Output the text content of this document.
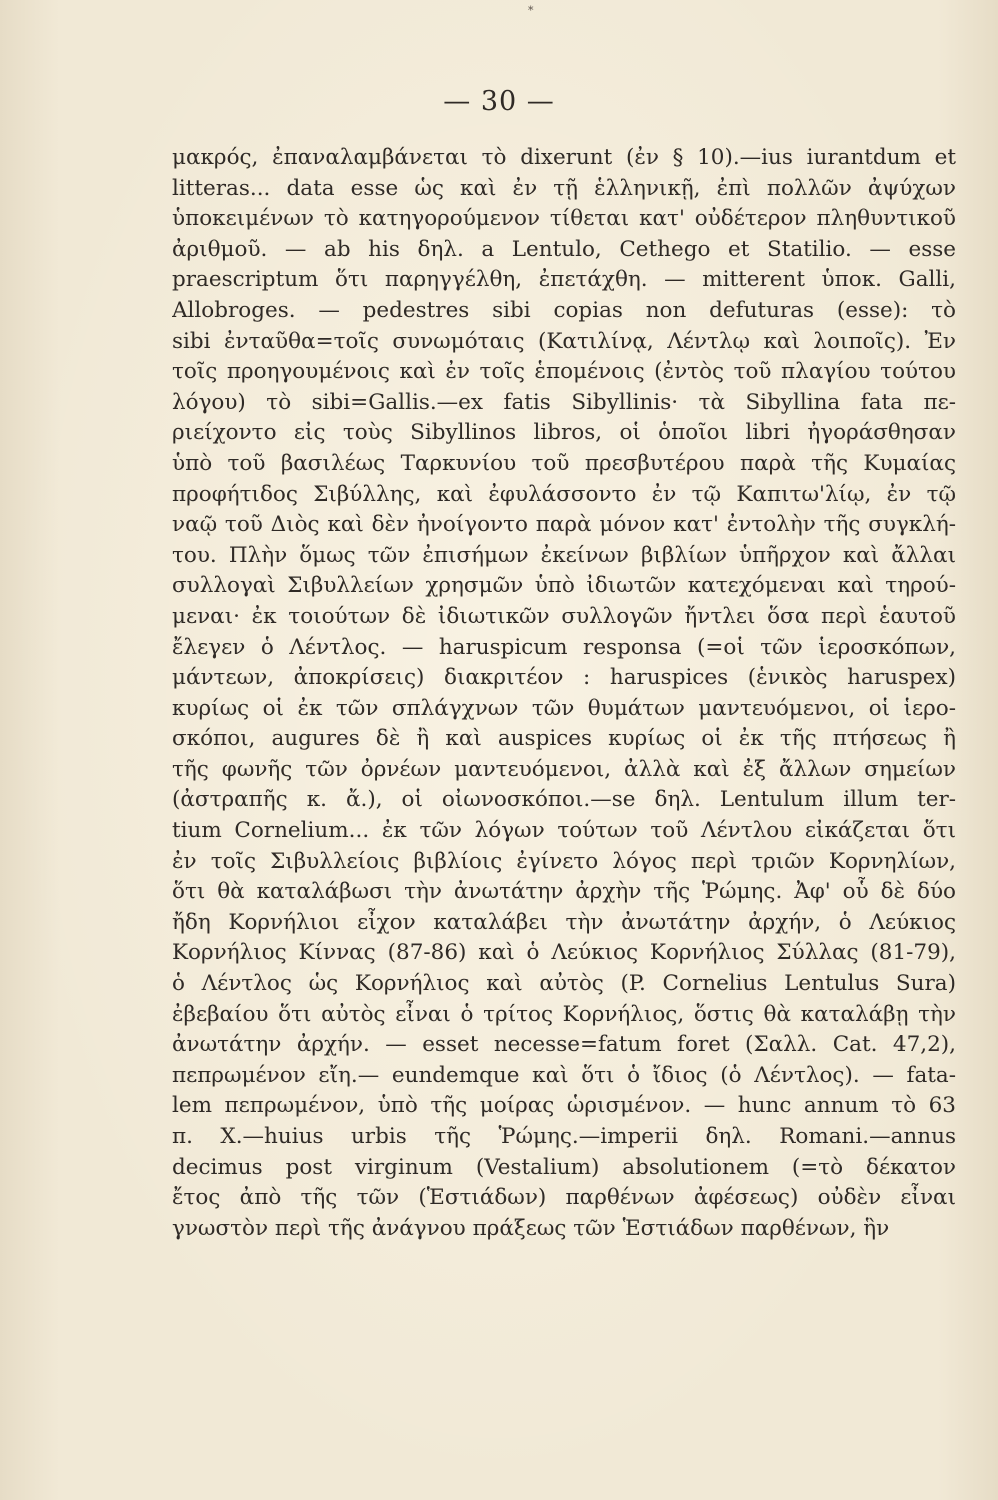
*
— 30 —
μακρός, ἐπαναλαμβάνεται τὸ dixerunt (ἐν § 10).—ius iurantdum et
litteras... data esse ὡς καὶ ἐν τῇ ἑλληνικῇ, ἐπὶ πολλῶν ἀψύχων
ὑποκειμένων τὸ κατηγορούμενον τίθεται κατ' οὐδέτερον πληθυντικοῦ
ἀριθμοῦ. — ab his δηλ. a Lentulo, Cethego et Statilio. — esse
praescriptum ὅτι παρηγγέλθη, ἐπετάχθη. — mitterent ὑποκ. Galli,
Allobroges. — pedestres sibi copias non defuturas (esse): τὸ
sibi ἐνταῦθα=τοῖς συνωμόταις (Κατιλίνᾳ, Λέντλῳ καὶ λοιποῖς). Ἐν
τοῖς προηγουμένοις καὶ ἐν τοῖς ἑπομένοις (ἐντὸς τοῦ πλαγίου τούτου
λόγου) τὸ sibi=Gallis.—ex fatis Sibyllinis· τὰ Sibyllina fata πε-
ριείχοντο εἰς τοὺς Sibyllinos libros, οἱ ὁποῖοι libri ἠγοράσθησαν
ὑπὸ τοῦ βασιλέως Ταρκυνίου τοῦ πρεσβυτέρου παρὰ τῆς Κυμαίας
προφήτιδος Σιβύλλης, καὶ ἐφυλάσσοντο ἐν τῷ Καπιτω'λίῳ, ἐν τῷ
ναῷ τοῦ Διὸς καὶ δὲν ἠνοίγοντο παρὰ μόνον κατ' ἐντολὴν τῆς συγκλή-
του. Πλὴν ὅμως τῶν ἐπισήμων ἐκείνων βιβλίων ὑπῆρχον καὶ ἄλλαι
συλλογαὶ Σιβυλλείων χρησμῶν ὑπὸ ἰδιωτῶν κατεχόμεναι καὶ τηρού-
μεναι· ἐκ τοιούτων δὲ ἰδιωτικῶν συλλογῶν ἤντλει ὅσα περὶ ἑαυτοῦ
ἔλεγεν ὁ Λέντλος. — haruspicum responsa (=οἱ τῶν ἱεροσκόπων,
μάντεων, ἀποκρίσεις) διακριτέον : haruspices (ἑνικὸς haruspex)
κυρίως οἱ ἐκ τῶν σπλάγχνων τῶν θυμάτων μαντευόμενοι, οἱ ἱερο-
σκόποι, augures δὲ ἢ καὶ auspices κυρίως οἱ ἐκ τῆς πτήσεως ἢ
τῆς φωνῆς τῶν ὀρνέων μαντευόμενοι, ἀλλὰ καὶ ἐξ ἄλλων σημείων
(ἀστραπῆς κ. ἄ.), οἱ οἰωνοσκόποι.—se δηλ. Lentulum illum ter-
tium Cornelium... ἐκ τῶν λόγων τούτων τοῦ Λέντλου εἰκάζεται ὅτι
ἐν τοῖς Σιβυλλείοις βιβλίοις ἐγίνετο λόγος περὶ τριῶν Κορνηλίων,
ὅτι θὰ καταλάβωσι τὴν ἀνωτάτην ἀρχὴν τῆς Ῥώμης. Ἀφ' οὗ δὲ δύο
ἤδη Κορνήλιοι εἶχον καταλάβει τὴν ἀνωτάτην ἀρχήν, ὁ Λεύκιος
Κορνήλιος Κίννας (87-86) καὶ ὁ Λεύκιος Κορνήλιος Σύλλας (81-79),
ὁ Λέντλος ὡς Κορνήλιος καὶ αὐτὸς (P. Cornelius Lentulus Sura)
ἐβεβαίου ὅτι αὐτὸς εἶναι ὁ τρίτος Κορνήλιος, ὅστις θὰ καταλάβῃ τὴν
ἀνωτάτην ἀρχήν. — esset necesse=fatum foret (Σαλλ. Cat. 47,2),
πεπρωμένον εἴη.— eundemque καὶ ὅτι ὁ ἴδιος (ὁ Λέντλος). — fata-
lem πεπρωμένον, ὑπὸ τῆς μοίρας ὡρισμένον. — hunc annum τὸ 63
π. Χ.—huius urbis τῆς Ῥώμης.—imperii δηλ. Romani.—annus
decimus post virginum (Vestalium) absolutionem (=τὸ δέκατον
ἔτος ἀπὸ τῆς τῶν (Ἑστιάδων) παρθένων ἀφέσεως) οὐδὲν εἶναι
γνωστὸν περὶ τῆς ἀνάγνου πράξεως τῶν Ἑστιάδων παρθένων, ἣν
